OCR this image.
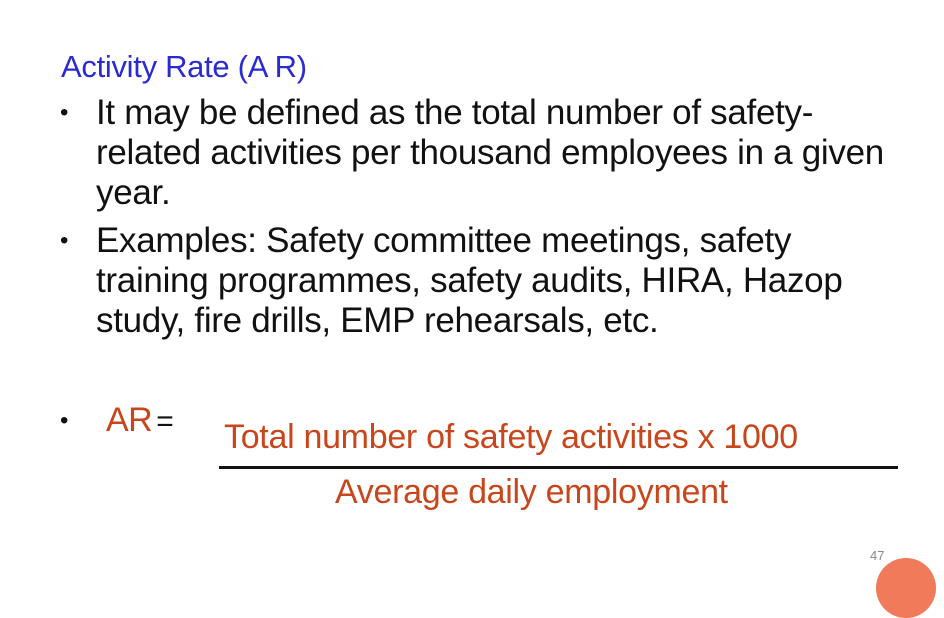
Activity Rate (A R)
• It may be defined as the total number of safety-related activities per thousand employees in a given year.
• Examples: Safety committee meetings, safety training programmes, safety audits, HIRA, Hazop study, fire drills, EMP rehearsals, etc.
• AR = Total number of safety activities x 1000
Average daily employment
47
